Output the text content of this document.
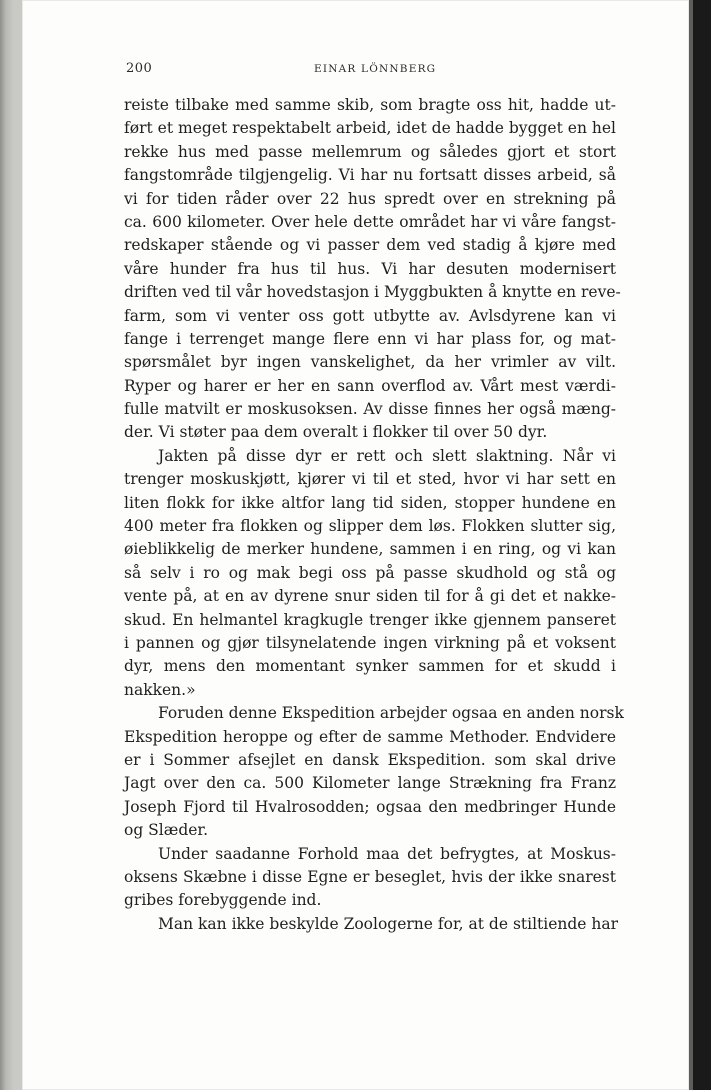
200	EINAR LÖNNBERG
reiste tilbake med samme skib, som bragte oss hit, hadde ut-
ført et meget respektabelt arbeid, idet de hadde bygget en hel
rekke hus med passe mellemrum og således gjort et stort
fangstområde tilgjengelig. Vi har nu fortsatt disses arbeid, så
vi for tiden råder over 22 hus spredt over en strekning på
ca. 600 kilometer. Over hele dette området har vi våre fangst-
redskaper stående og vi passer dem ved stadig å kjøre med
våre hunder fra hus til hus. Vi har desuten modernisert
driften ved til vår hovedstasjon i Myggbukten å knytte en reve-
farm, som vi venter oss gott utbytte av. Avlsdyrene kan vi
fange i terrenget mange flere enn vi har plass for, og mat-
spørsmålet byr ingen vanskelighet, da her vrimler av vilt.
Ryper og harer er her en sann overflod av. Vårt mest værdi-
fulle matvilt er moskusoksen. Av disse finnes her også mæng-
der. Vi støter paa dem overalt i flokker til over 50 dyr.
Jakten på disse dyr er rett och slett slaktning. Når vi
trenger moskuskjøtt, kjører vi til et sted, hvor vi har sett en
liten flokk for ikke altfor lang tid siden, stopper hundene en
400 meter fra flokken og slipper dem løs. Flokken slutter sig,
øieblikkelig de merker hundene, sammen i en ring, og vi kan
så selv i ro og mak begi oss på passe skudhold og stå og
vente på, at en av dyrene snur siden til for å gi det et nakke-
skud. En helmantel kragkugle trenger ikke gjennem panseret
i pannen og gjør tilsynelatende ingen virkning på et voksent
dyr, mens den momentant synker sammen for et skudd i
nakken.»
Foruden denne Ekspedition arbejder ogsaa en anden norsk
Ekspedition heroppe og efter de samme Methoder. Endvidere
er i Sommer afsejlet en dansk Ekspedition. som skal drive
Jagt over den ca. 500 Kilometer lange Strækning fra Franz
Joseph Fjord til Hvalrosodden; ogsaa den medbringer Hunde
og Slæder.
Under saadanne Forhold maa det befrygtes, at Moskus-
oksens Skæbne i disse Egne er beseglet, hvis der ikke snarest
gribes forebyggende ind.
Man kan ikke beskylde Zoologerne for, at de stiltiende har
